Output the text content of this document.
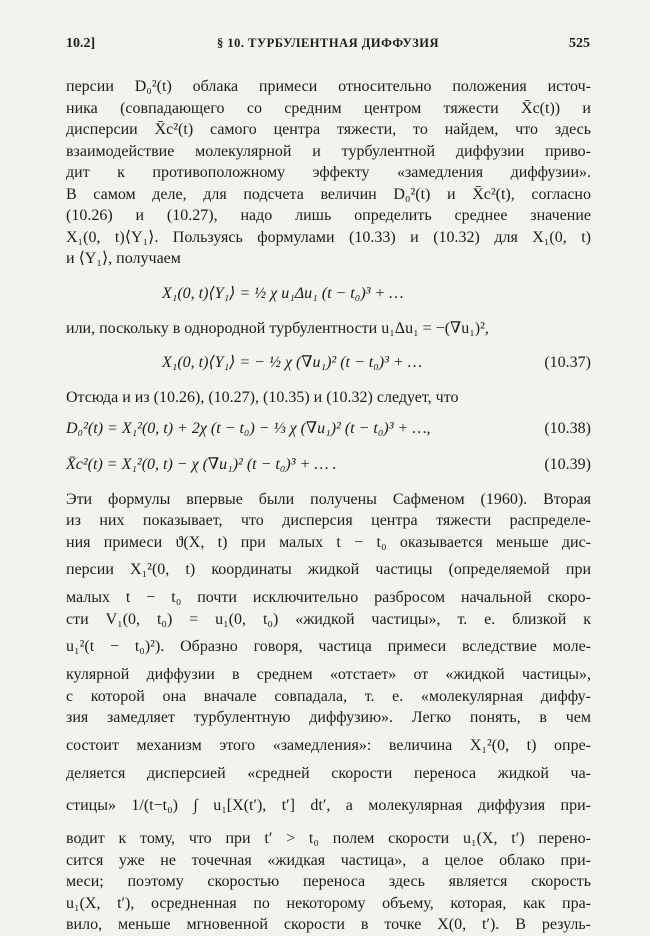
10.2]	§ 10. ТУРБУЛЕНТНАЯ ДИФФУЗИЯ	525
персии D₀²(t) облака примеси относительно положения источ-
ника (совпадающего со средним центром тяжести X̄c(t)) и
дисперсии X̄c²(t) самого центра тяжести, то найдем, что здесь
взаимодействие молекулярной и турбулентной диффузии приво-
дит к противоположному эффекту «замедления диффузии».
В самом деле, для подсчета величин D₀²(t) и X̄c²(t), согласно
(10.26) и (10.27), надо лишь определить среднее значение
X₁(0, t)⟨Y₁⟩. Пользуясь формулами (10.33) и (10.32) для X₁(0, t)
и ⟨Y₁⟩, получаем
X₁(0, t)⟨Y₁⟩ = ½ χ u₁Δu₁ (t − t₀)³ + …
или, поскольку в однородной турбулентности u₁Δu₁ = −(∇u₁)²,
X₁(0, t)⟨Y₁⟩ = − ½ χ (∇u₁)² (t − t₀)³ + …	(10.37)
Отсюда и из (10.26), (10.27), (10.35) и (10.32) следует, что
D₀²(t) = X₁²(0, t) + 2χ (t − t₀) − ⅓ χ (∇u₁)² (t − t₀)³ + …,	(10.38)
X̄c²(t) = X₁²(0, t) − χ (∇u₁)² (t − t₀)³ + … .	(10.39)
Эти формулы впервые были получены Сафменом (1960). Вторая
из них показывает, что дисперсия центра тяжести распределе-
ния примеси ϑ(X, t) при малых t − t₀ оказывается меньше дис-
персии X₁²(0, t) координаты жидкой частицы (определяемой при
малых t − t₀ почти исключительно разбросом начальной скоро-
сти V₁(0, t₀) = u₁(0, t₀) «жидкой частицы», т. е. близкой к
u₁²(t − t₀)²). Образно говоря, частица примеси вследствие моле-
кулярной диффузии в среднем «отстает» от «жидкой частицы»,
с которой она вначале совпадала, т. е. «молекулярная диффу-
зия замедляет турбулентную диффузию». Легко понять, в чем
состоит механизм этого «замедления»: величина X₁²(0, t) опре-
деляется дисперсией «средней скорости переноса жидкой ча-
стицы» 1/(t−t₀) ∫ u₁[X(t′), t′] dt′, а молекулярная диффузия при-
водит к тому, что при t′ > t₀ полем скорости u₁(X, t′) перено-
сится уже не точечная «жидкая частица», а целое облако при-
меси; поэтому скоростью переноса здесь является скорость
u₁(X, t′), осредненная по некоторому объему, которая, как пра-
вило, меньше мгновенной скорости в точке X(0, t′). В резуль-
